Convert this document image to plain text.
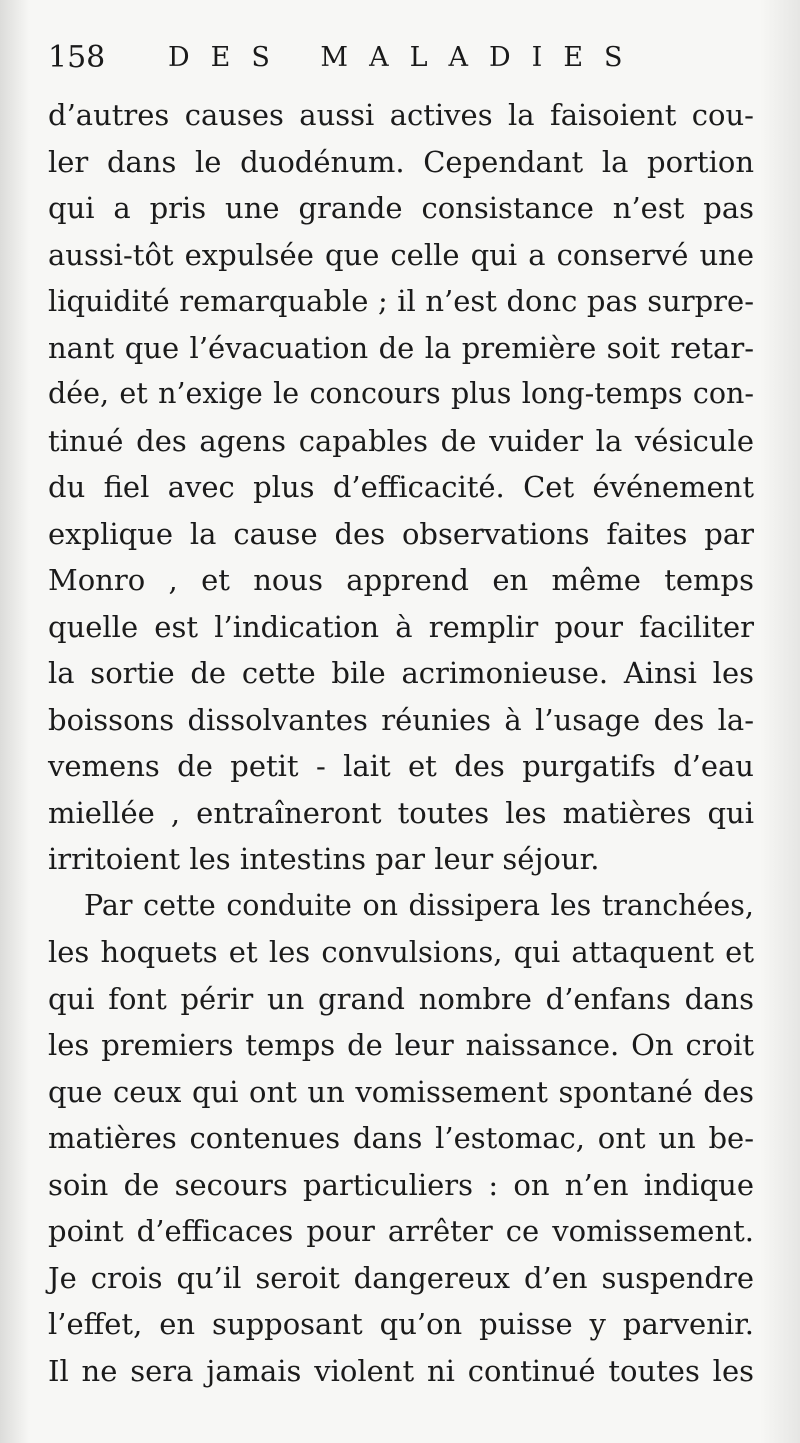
158 DES MALADIES
d’autres causes aussi actives la faisoient cou-
ler dans le duodénum. Cependant la portion
qui a pris une grande consistance n’est pas
aussi-tôt expulsée que celle qui a conservé une
liquidité remarquable ; il n’est donc pas surpre-
nant que l’évacuation de la première soit retar-
dée, et n’exige le concours plus long-temps con-
tinué des agens capables de vuider la vésicule
du fiel avec plus d’efficacité. Cet événement
explique la cause des observations faites par
Monro , et nous apprend en même temps
quelle est l’indication à remplir pour faciliter
la sortie de cette bile acrimonieuse. Ainsi les
boissons dissolvantes réunies à l’usage des la-
vemens de petit - lait et des purgatifs d’eau
miellée , entraîneront toutes les matières qui
irritoient les intestins par leur séjour.
Par cette conduite on dissipera les tranchées,
les hoquets et les convulsions, qui attaquent et
qui font périr un grand nombre d’enfans dans
les premiers temps de leur naissance. On croit
que ceux qui ont un vomissement spontané des
matières contenues dans l’estomac, ont un be-
soin de secours particuliers : on n’en indique
point d’efficaces pour arrêter ce vomissement.
Je crois qu’il seroit dangereux d’en suspendre
l’effet, en supposant qu’on puisse y parvenir.
Il ne sera jamais violent ni continué toutes les
